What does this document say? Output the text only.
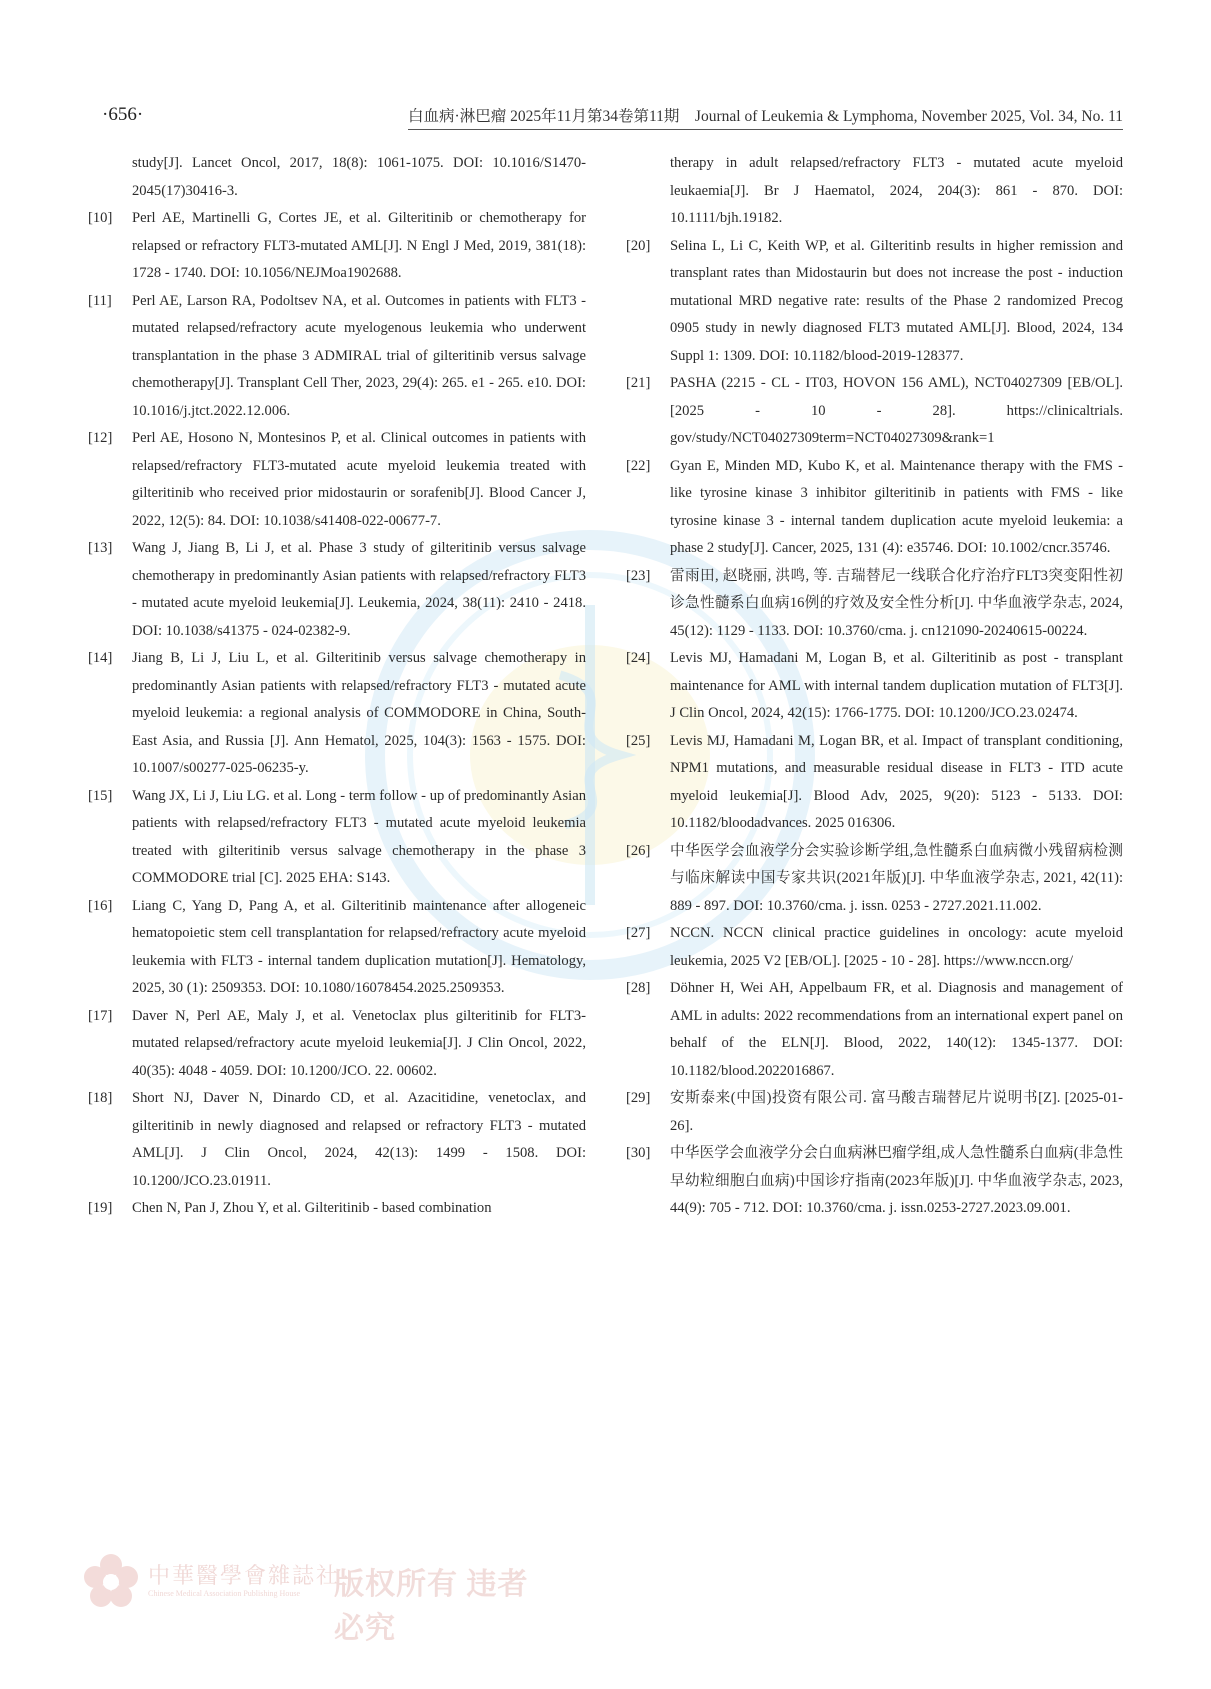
·656·	白血病·淋巴瘤 2025年11月第34卷第11期　Journal of Leukemia & Lymphoma, November 2025, Vol. 34, No. 11
study[J]. Lancet Oncol, 2017, 18(8): 1061-1075. DOI: 10.1016/S1470-2045(17)30416-3.
[10] Perl AE, Martinelli G, Cortes JE, et al. Gilteritinib or chemotherapy for relapsed or refractory FLT3-mutated AML[J]. N Engl J Med, 2019, 381(18): 1728 - 1740. DOI: 10.1056/NEJMoa1902688.
[11] Perl AE, Larson RA, Podoltsev NA, et al. Outcomes in patients with FLT3 - mutated relapsed/refractory acute myelogenous leukemia who underwent transplantation in the phase 3 ADMIRAL trial of gilteritinib versus salvage chemotherapy[J]. Transplant Cell Ther, 2023, 29(4): 265. e1 - 265. e10. DOI: 10.1016/j.jtct.2022.12.006.
[12] Perl AE, Hosono N, Montesinos P, et al. Clinical outcomes in patients with relapsed/refractory FLT3-mutated acute myeloid leukemia treated with gilteritinib who received prior midostaurin or sorafenib[J]. Blood Cancer J, 2022, 12(5): 84. DOI: 10.1038/s41408-022-00677-7.
[13] Wang J, Jiang B, Li J, et al. Phase 3 study of gilteritinib versus salvage chemotherapy in predominantly Asian patients with relapsed/refractory FLT3 - mutated acute myeloid leukemia[J]. Leukemia, 2024, 38(11): 2410 - 2418. DOI: 10.1038/s41375 - 024-02382-9.
[14] Jiang B, Li J, Liu L, et al. Gilteritinib versus salvage chemotherapy in predominantly Asian patients with relapsed/refractory FLT3 - mutated acute myeloid leukemia: a regional analysis of COMMODORE in China, South-East Asia, and Russia [J]. Ann Hematol, 2025, 104(3): 1563 - 1575. DOI: 10.1007/s00277-025-06235-y.
[15] Wang JX, Li J, Liu LG. et al. Long - term follow - up of predominantly Asian patients with relapsed/refractory FLT3 - mutated acute myeloid leukemia treated with gilteritinib versus salvage chemotherapy in the phase 3 COMMODORE trial [C]. 2025 EHA: S143.
[16] Liang C, Yang D, Pang A, et al. Gilteritinib maintenance after allogeneic hematopoietic stem cell transplantation for relapsed/refractory acute myeloid leukemia with FLT3 - internal tandem duplication mutation[J]. Hematology, 2025, 30 (1): 2509353. DOI: 10.1080/16078454.2025.2509353.
[17] Daver N, Perl AE, Maly J, et al. Venetoclax plus gilteritinib for FLT3-mutated relapsed/refractory acute myeloid leukemia[J]. J Clin Oncol, 2022, 40(35): 4048 - 4059. DOI: 10.1200/JCO. 22. 00602.
[18] Short NJ, Daver N, Dinardo CD, et al. Azacitidine, venetoclax, and gilteritinib in newly diagnosed and relapsed or refractory FLT3 - mutated AML[J]. J Clin Oncol, 2024, 42(13): 1499 - 1508. DOI: 10.1200/JCO.23.01911.
[19] Chen N, Pan J, Zhou Y, et al. Gilteritinib - based combination
therapy in adult relapsed/refractory FLT3 - mutated acute myeloid leukaemia[J]. Br J Haematol, 2024, 204(3): 861 - 870. DOI: 10.1111/bjh.19182.
[20] Selina L, Li C, Keith WP, et al. Gilteritinb results in higher remission and transplant rates than Midostaurin but does not increase the post - induction mutational MRD negative rate: results of the Phase 2 randomized Precog 0905 study in newly diagnosed FLT3 mutated AML[J]. Blood, 2024, 134 Suppl 1: 1309. DOI: 10.1182/blood-2019-128377.
[21] PASHA (2215 - CL - IT03, HOVON 156 AML), NCT04027309 [EB/OL]. [2025 - 10 - 28]. https://clinicaltrials. gov/study/NCT04027309term=NCT04027309&rank=1
[22] Gyan E, Minden MD, Kubo K, et al. Maintenance therapy with the FMS - like tyrosine kinase 3 inhibitor gilteritinib in patients with FMS - like tyrosine kinase 3 - internal tandem duplication acute myeloid leukemia: a phase 2 study[J]. Cancer, 2025, 131 (4): e35746. DOI: 10.1002/cncr.35746.
[23] 雷雨田, 赵晓丽, 洪鸣, 等. 吉瑞替尼一线联合化疗治疗FLT3突变阳性初诊急性髓系白血病16例的疗效及安全性分析[J]. 中华血液学杂志, 2024, 45(12): 1129 - 1133. DOI: 10.3760/cma. j. cn121090-20240615-00224.
[24] Levis MJ, Hamadani M, Logan B, et al. Gilteritinib as post - transplant maintenance for AML with internal tandem duplication mutation of FLT3[J]. J Clin Oncol, 2024, 42(15): 1766-1775. DOI: 10.1200/JCO.23.02474.
[25] Levis MJ, Hamadani M, Logan BR, et al. Impact of transplant conditioning, NPM1 mutations, and measurable residual disease in FLT3 - ITD acute myeloid leukemia[J]. Blood Adv, 2025, 9(20): 5123 - 5133. DOI: 10.1182/bloodadvances. 2025 016306.
[26] 中华医学会血液学分会实验诊断学组,急性髓系白血病微小残留病检测与临床解读中国专家共识(2021年版)[J]. 中华血液学杂志, 2021, 42(11): 889 - 897. DOI: 10.3760/cma. j. issn. 0253 - 2727.2021.11.002.
[27] NCCN. NCCN clinical practice guidelines in oncology: acute myeloid leukemia, 2025 V2 [EB/OL]. [2025 - 10 - 28]. https://www.nccn.org/
[28] Döhner H, Wei AH, Appelbaum FR, et al. Diagnosis and management of AML in adults: 2022 recommendations from an international expert panel on behalf of the ELN[J]. Blood, 2022, 140(12): 1345-1377. DOI: 10.1182/blood.2022016867.
[29] 安斯泰来(中国)投资有限公司. 富马酸吉瑞替尼片说明书[Z]. [2025-01-26].
[30] 中华医学会血液学分会白血病淋巴瘤学组,成人急性髓系白血病(非急性早幼粒细胞白血病)中国诊疗指南(2023年版)[J]. 中华血液学杂志, 2023, 44(9): 705 - 712. DOI: 10.3760/cma. j. issn.0253-2727.2023.09.001.
中華醫學會雜誌社
Chinese Medical Association Publishing House 版权所有 违者必究
